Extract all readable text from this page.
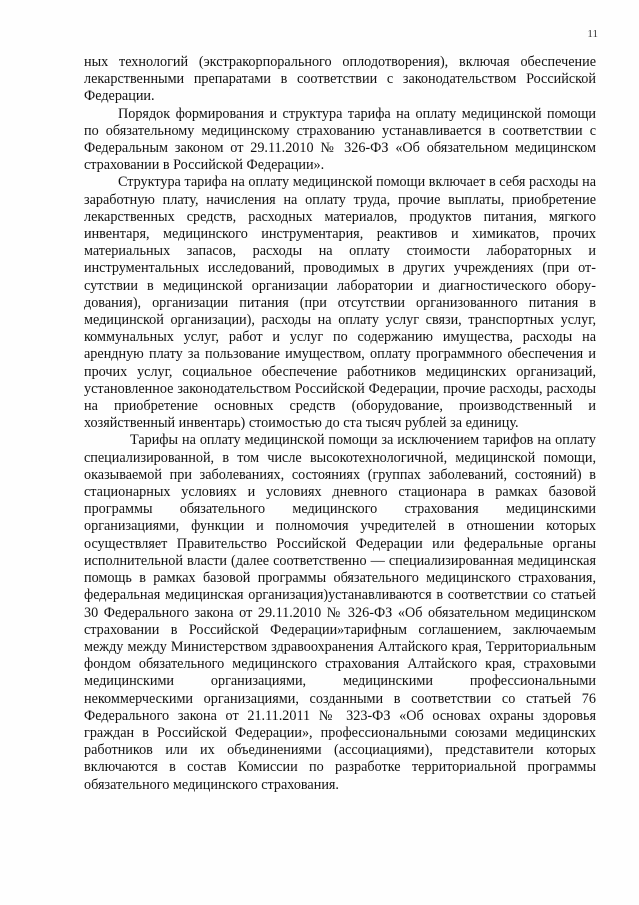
11

ных технологий (экстракорпорального оплодотворения), включая обеспечение лекарственными препаратами в соответствии с законодательством Российской Федерации.

Порядок формирования и структура тарифа на оплату медицинской помощи по обязательному медицинскому страхованию устанавливается в соответствии с Федеральным законом от 29.11.2010 № 326-ФЗ «Об обязательном медицинском страховании в Российской Федерации».

Структура тарифа на оплату медицинской помощи включает в себя расходы на заработную плату, начисления на оплату труда, прочие выплаты, приобретение лекарственных средств, расходных материалов, продуктов питания, мягкого инвентаря, медицинского инструментария, реактивов и химикатов, прочих материальных запасов, расходы на оплату стоимости лабораторных и инструментальных исследований, проводимых в других учреждениях (при отсутствии в медицинской организации лаборатории и диагностического оборудования), организации питания (при отсутствии организованного питания в медицинской организации), расходы на оплату услуг связи, транспортных услуг, коммунальных услуг, работ и услуг по содержанию имущества, расходы на арендную плату за пользование имуществом, оплату программного обеспечения и прочих услуг, социальное обеспечение работников медицинских организаций, установленное законодательством Российской Федерации, прочие расходы, расходы на приобретение основных средств (оборудование, производственный и хозяйственный инвентарь) стоимостью до ста тысяч рублей за единицу.

Тарифы на оплату медицинской помощи за исключением тарифов на оплату специализированной, в том числе высокотехнологичной, медицинской помощи, оказываемой при заболеваниях, состояниях (группах заболеваний, состояний) в стационарных условиях и условиях дневного стационара в рамках базовой программы обязательного медицинского страхования медицинскими организациями, функции и полномочия учредителей в отношении которых осуществляет Правительство Российской Федерации или федеральные органы исполнительной власти (далее соответственно — специализированная медицинская помощь в рамках базовой программы обязательного медицинского страхования, федеральная медицинская организация)устанавливаются в соответствии со статьей 30 Федерального закона от 29.11.2010 № 326-ФЗ «Об обязательном медицинском страховании в Российской Федерации»тарифным соглашением, заключаемым между между Министерством здравоохранения Алтайского края, Территориальным фондом обязательного медицинского страхования Алтайского края, страховыми медицинскими организациями, медицинскими профессиональными некоммерческими организациями, созданными в соответствии со статьей 76 Федерального закона от 21.11.2011 № 323-ФЗ «Об основах охраны здоровья граждан в Российской Федерации», профессиональными союзами медицинских работников или их объединениями (ассоциациями), представители которых включаются в состав Комиссии по разработке территориальной программы обязательного медицинского страхования.
